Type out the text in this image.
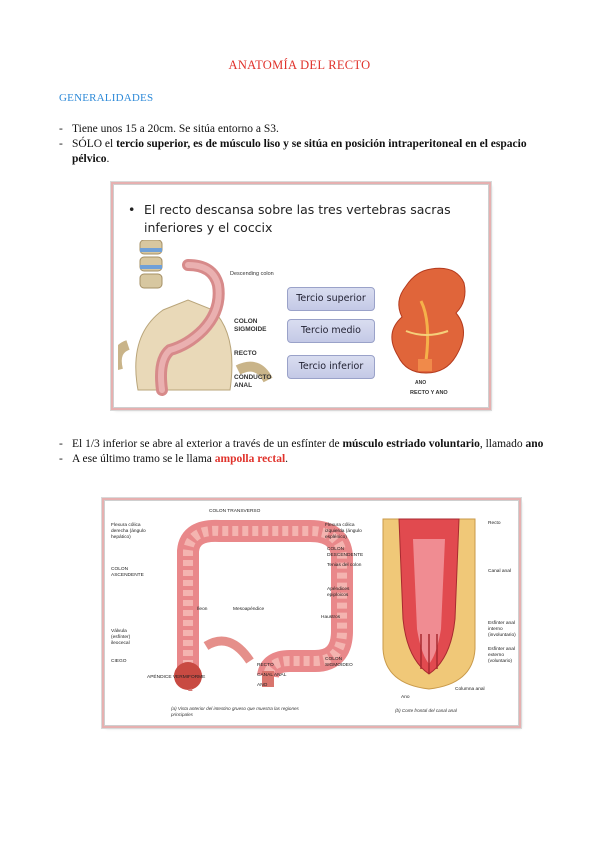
ANATOMÍA DEL RECTO
GENERALIDADES
- Tiene unos 15 a 20cm. Se sitúa entorno a S3.
- SÓLO el tercio superior, es de músculo liso y se sitúa en posición intraperitoneal en el espacio pélvico.
• El recto descansa sobre las tres vertebras sacras inferiores y el coccix
Descending colon
COLON SIGMOIDE
RECTO
CONDUCTO ANAL
Tercio superior
Tercio medio
Tercio inferior
ANO
RECTO Y ANO
- El 1/3 inferior se abre al exterior a través de un esfínter de músculo estriado voluntario, llamado ano
- A ese último tramo se le llama ampolla rectal.
COLON TRANSVERSO
Flexura cólica derecha (ángulo hepático)
Flexura cólica izquierda (ángulo esplénico)
COLON DESCENDENTE
Tenias del colon
COLON ASCENDENTE
Apéndices epiploicos
Íleon	Mesoapéndice
Haustros
Válvula (esfínter) ileocecal
CIEGO	COLON SIGMOIDEO
RECTO
CANAL ANAL
APÉNDICE VERMIFORME
ANO
(a) Vista anterior del intestino grueso que muestra las regiones principales
Recto
Canal anal
Esfínter anal interno (involuntario)
Esfínter anal externo (voluntario)
Columna anal
Ano
(b) Corte frontal del canal anal
